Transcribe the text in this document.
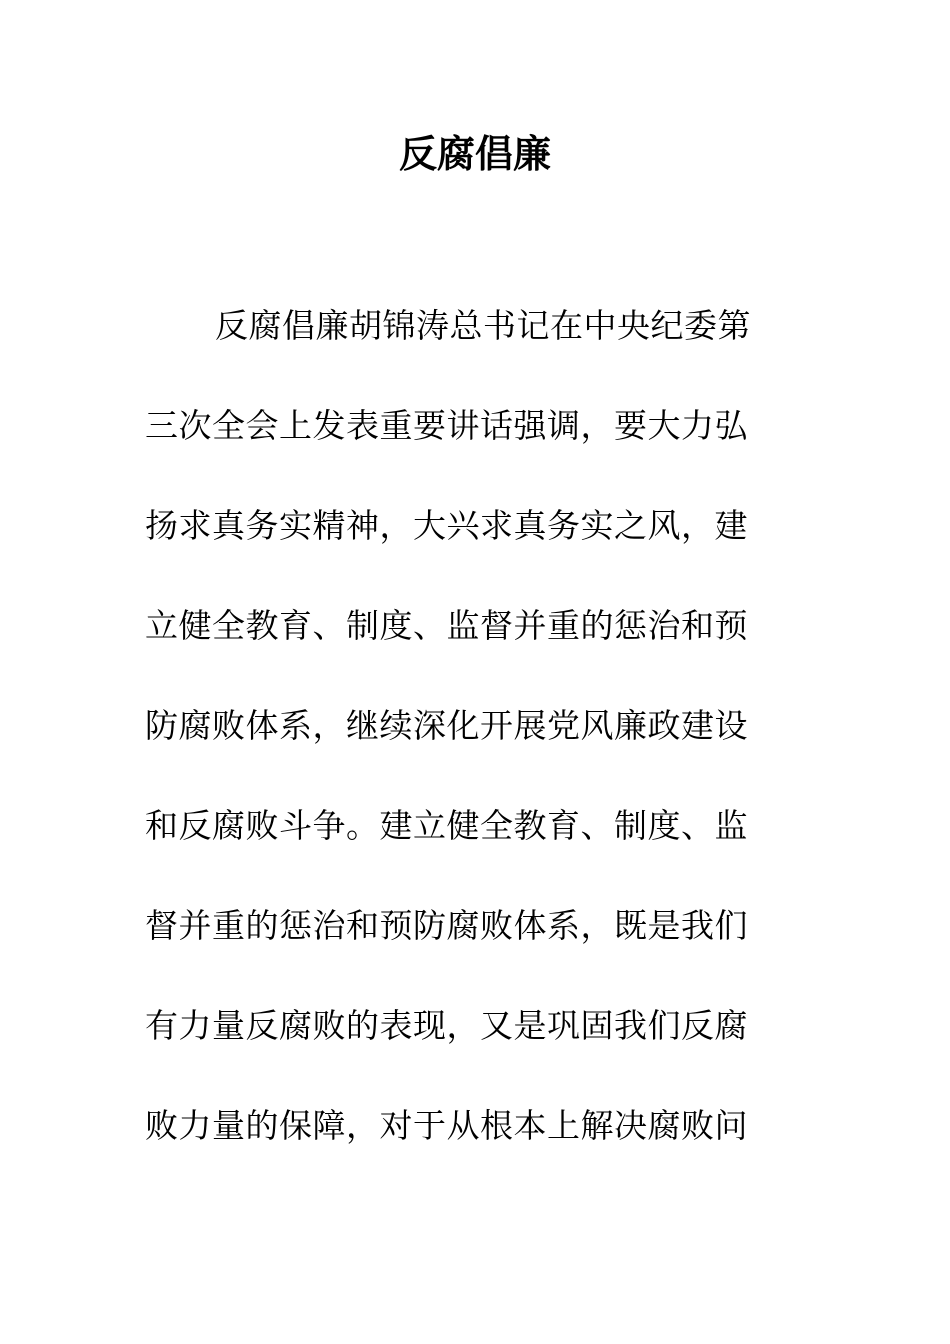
反腐倡廉
反腐倡廉胡锦涛总书记在中央纪委第
三次全会上发表重要讲话强调，要大力弘
扬求真务实精神，大兴求真务实之风，建
立健全教育、制度、监督并重的惩治和预
防腐败体系，继续深化开展党风廉政建设
和反腐败斗争。建立健全教育、制度、监
督并重的惩治和预防腐败体系，既是我们
有力量反腐败的表现，又是巩固我们反腐
败力量的保障，对于从根本上解决腐败问
